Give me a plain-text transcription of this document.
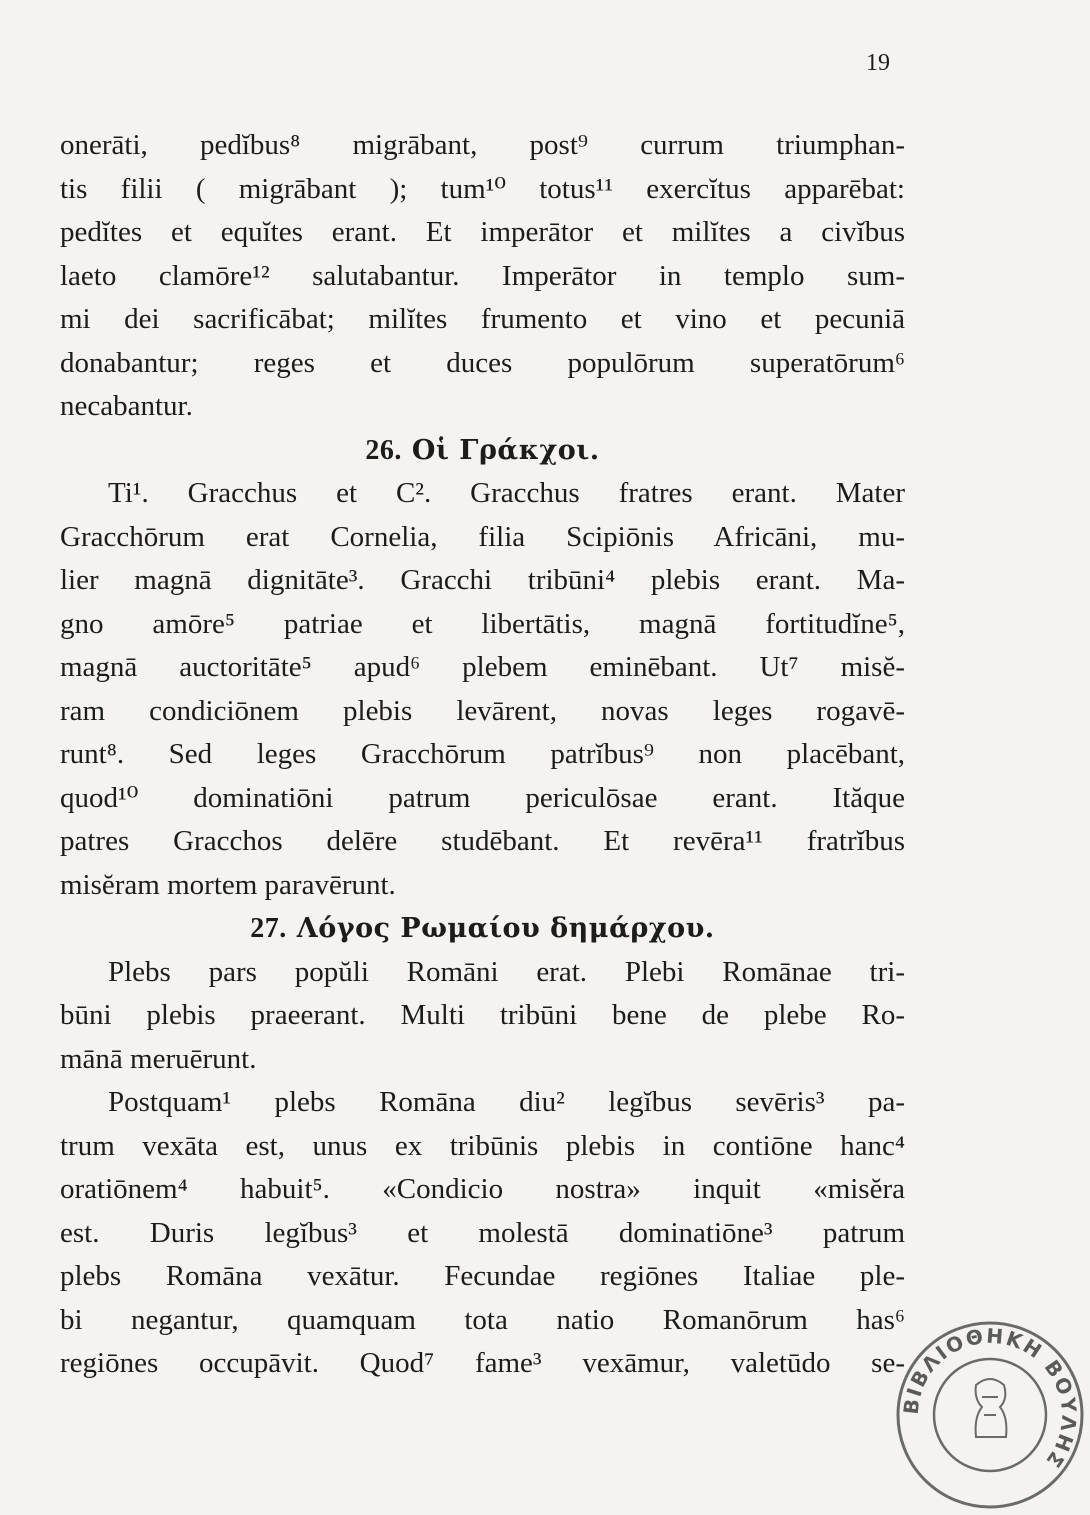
19
onerāti, pedĭbus⁸ migrābant, post⁹ currum triumphan-
tis filii ( migrābant ); tum¹⁰ totus¹¹ exercĭtus apparēbat:
pedĭtes et equĭtes erant. Et imperātor et milĭtes a civĭbus
laeto clamōre¹² salutabantur. Imperātor in templo sum-
mi dei sacrificābat; milĭtes frumento et vino et pecuniā
donabantur; reges et duces populōrum superatōrum⁶
necabantur.
26. Οἱ Γράκχοι.
Ti¹. Gracchus et C². Gracchus fratres erant. Mater
Gracchōrum erat Cornelia, filia Scipiōnis Africāni, mu-
lier magnā dignitāte³. Gracchi tribūni⁴ plebis erant. Ma-
gno amōre⁵ patriae et libertātis, magnā fortitudĭne⁵,
magnā auctoritāte⁵ apud⁶ plebem eminēbant. Ut⁷ misĕ-
ram condiciōnem plebis levārent, novas leges rogavē-
runt⁸. Sed leges Gracchōrum patrĭbus⁹ non placēbant,
quod¹⁰ dominatiōni patrum periculōsae erant. Ităque
patres Gracchos delēre studēbant. Et revēra¹¹ fratrĭbus
misĕram mortem paravērunt.
27. Λόγος Ρωμαίου δημάρχου.
Plebs pars popŭli Romāni erat. Plebi Romānae tri-
būni plebis praeerant. Multi tribūni bene de plebe Ro-
mānā meruērunt.
Postquam¹ plebs Romāna diu² legĭbus sevēris³ pa-
trum vexāta est, unus ex tribūnis plebis in contiōne hanc⁴
oratiōnem⁴ habuit⁵. «Condicio nostra» inquit «misĕra
est. Duris legĭbus³ et molestā dominatiōne³ patrum
plebs Romāna vexātur. Fecundae regiōnes Italiae ple-
bi negantur, quamquam tota natio Romanōrum has⁶
regiōnes occupāvit. Quod⁷ fame³ vexāmur, valetūdo se-
ΒΙΒΛΙΟΘΗΚΗ ΒΟΥΛΗΣ
